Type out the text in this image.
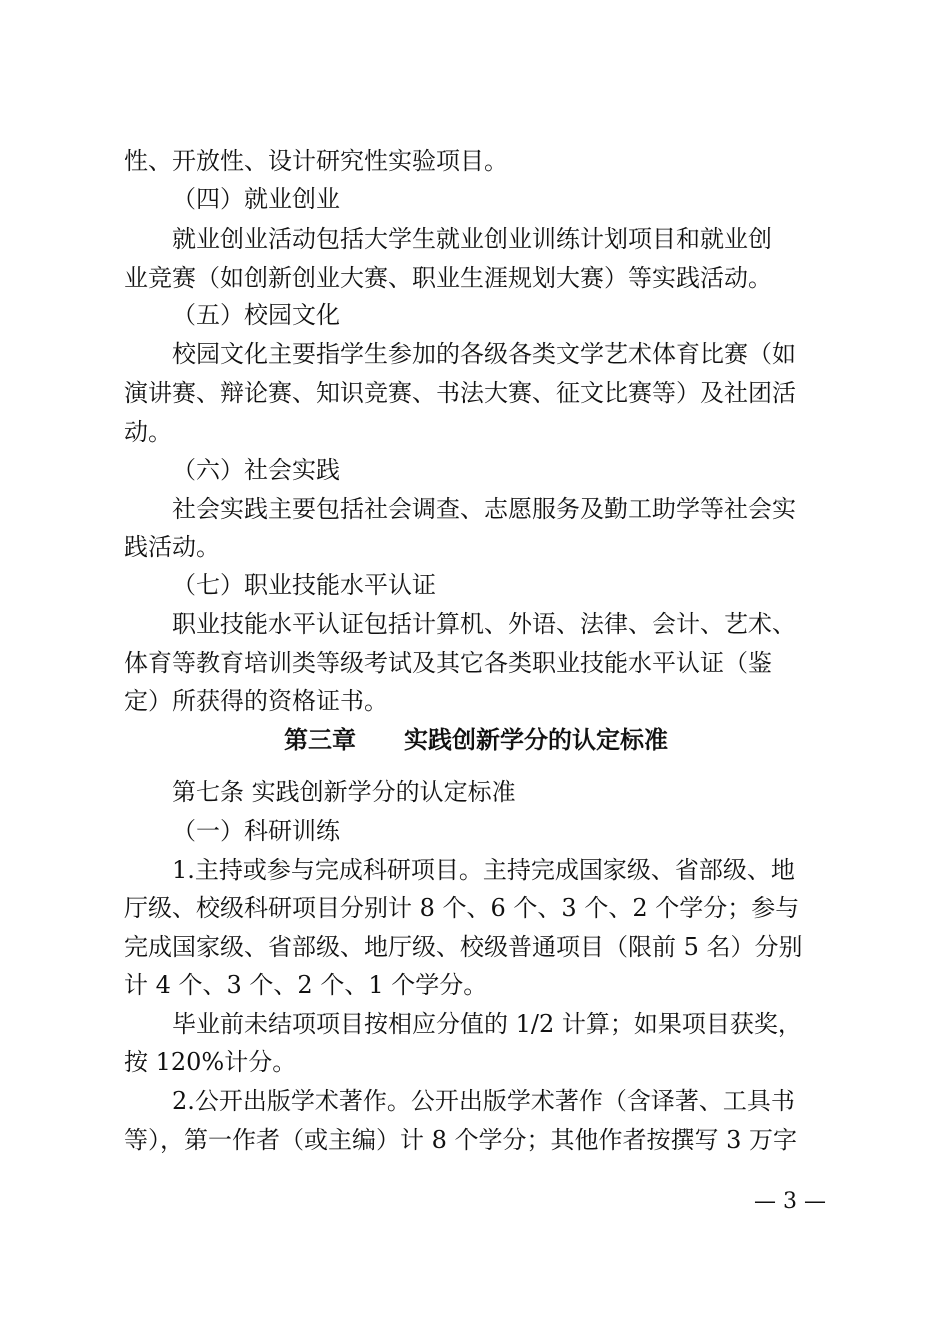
性、开放性、设计研究性实验项目。
（四）就业创业
就业创业活动包括大学生就业创业训练计划项目和就业创
业竞赛（如创新创业大赛、职业生涯规划大赛）等实践活动。
（五）校园文化
校园文化主要指学生参加的各级各类文学艺术体育比赛（如
演讲赛、辩论赛、知识竞赛、书法大赛、征文比赛等）及社团活
动。
（六）社会实践
社会实践主要包括社会调查、志愿服务及勤工助学等社会实
践活动。
（七）职业技能水平认证
职业技能水平认证包括计算机、外语、法律、会计、艺术、
体育等教育培训类等级考试及其它各类职业技能水平认证（鉴
定）所获得的资格证书。
第三章　　实践创新学分的认定标准
第七条 实践创新学分的认定标准
（一）科研训练
1.主持或参与完成科研项目。主持完成国家级、省部级、地
厅级、校级科研项目分别计 8 个、6 个、3 个、2 个学分；参与
完成国家级、省部级、地厅级、校级普通项目（限前 5 名）分别
计 4 个、3 个、2 个、1 个学分。
毕业前未结项项目按相应分值的 1/2 计算；如果项目获奖，
按 120%计分。
2.公开出版学术著作。公开出版学术著作（含译著、工具书
等），第一作者（或主编）计 8 个学分；其他作者按撰写 3 万字
— 3 —
